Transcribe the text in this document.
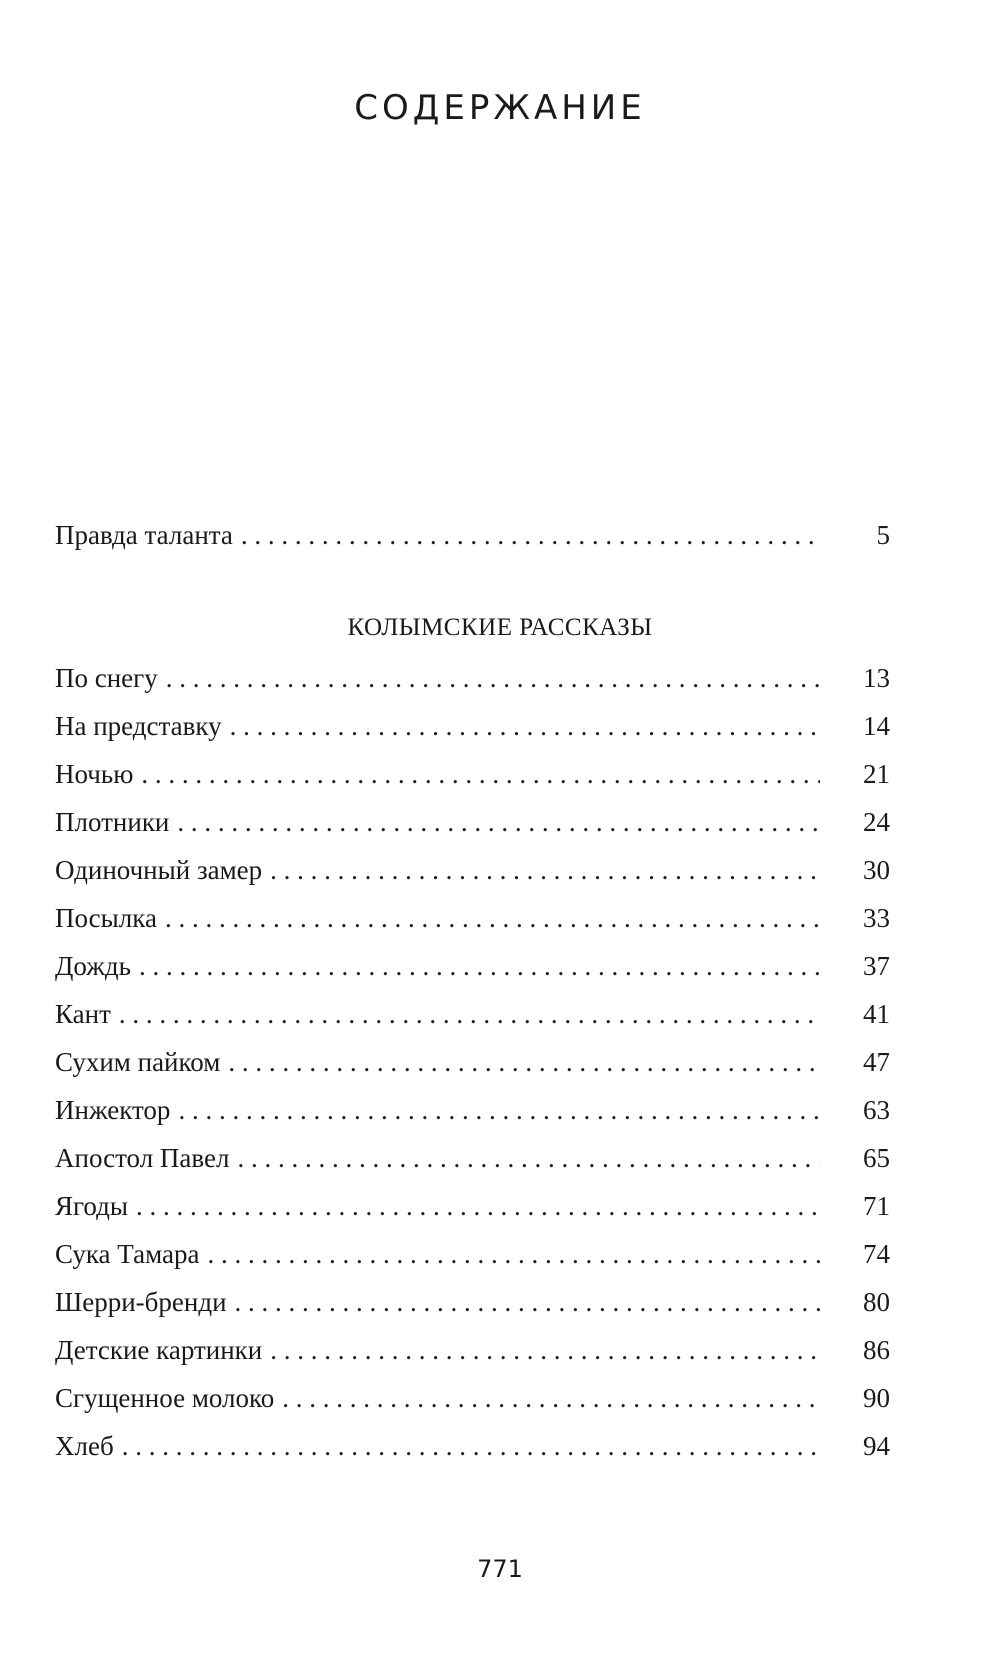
СОДЕРЖАНИЕ
Правда таланта . . .	5
КОЛЫМСКИЕ РАССКАЗЫ
По снегу . . .	13
На представку . . .	14
Ночью . . .	21
Плотники . . .	24
Одиночный замер . . .	30
Посылка . . .	33
Дождь . . .	37
Кант . . .	41
Сухим пайком . . .	47
Инжектор . . .	63
Апостол Павел . . .	65
Ягоды . . .	71
Сука Тамара . . .	74
Шерри-бренди . . .	80
Детские картинки . . .	86
Сгущенное молоко . . .	90
Хлеб . . .	94
771
